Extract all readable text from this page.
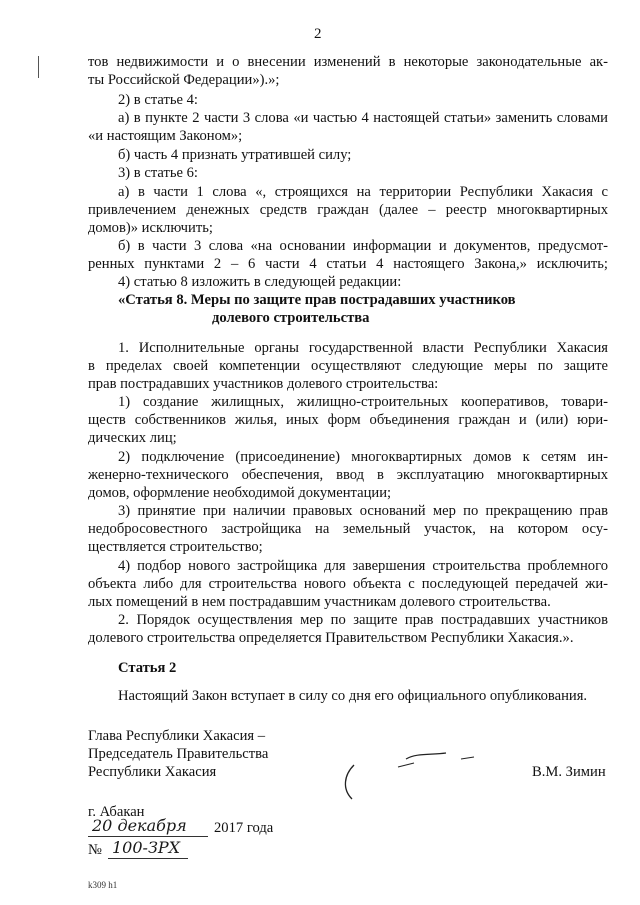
2
тов недвижимости и о внесении изменений в некоторые законодательные ак-
ты Российской Федерации»).»;
2) в статье 4:
а) в пункте 2 части 3 слова «и частью 4 настоящей статьи» заменить словами
«и настоящим Законом»;
б) часть 4 признать утратившей силу;
3) в статье 6:
а) в части 1 слова «, строящихся на территории Республики Хакасия с
привлечением денежных средств граждан (далее – реестр многоквартирных
домов)» исключить;
б) в части 3 слова «на основании информации и документов, предусмот-
ренных пунктами 2 – 6 части 4 статьи 4 настоящего Закона,» исключить;
4) статью 8 изложить в следующей редакции:
«Статья 8. Меры по защите прав пострадавших участников
долевого строительства
1. Исполнительные органы государственной власти Республики Хакасия
в пределах своей компетенции осуществляют следующие меры по защите
прав пострадавших участников долевого строительства:
1) создание жилищных, жилищно-строительных кооперативов, товари-
ществ собственников жилья, иных форм объединения граждан и (или) юри-
дических лиц;
2) подключение (присоединение) многоквартирных домов к сетям ин-
женерно-технического обеспечения, ввод в эксплуатацию многоквартирных
домов, оформление необходимой документации;
3) принятие при наличии правовых оснований мер по прекращению прав
недобросовестного застройщика на земельный участок, на котором осу-
ществляется строительство;
4) подбор нового застройщика для завершения строительства проблемного
объекта либо для строительства нового объекта с последующей передачей жи-
лых помещений в нем пострадавшим участникам долевого строительства.
2. Порядок осуществления мер по защите прав пострадавших участников
долевого строительства определяется Правительством Республики Хакасия.».
Статья 2
Настоящий Закон вступает в силу со дня его официального опубликования.
Глава Республики Хакасия –
Председатель Правительства
Республики Хакасия	В.М. Зимин
г. Абакан
20 декабря 2017 года
№ 100-ЗРХ
k309 h1
